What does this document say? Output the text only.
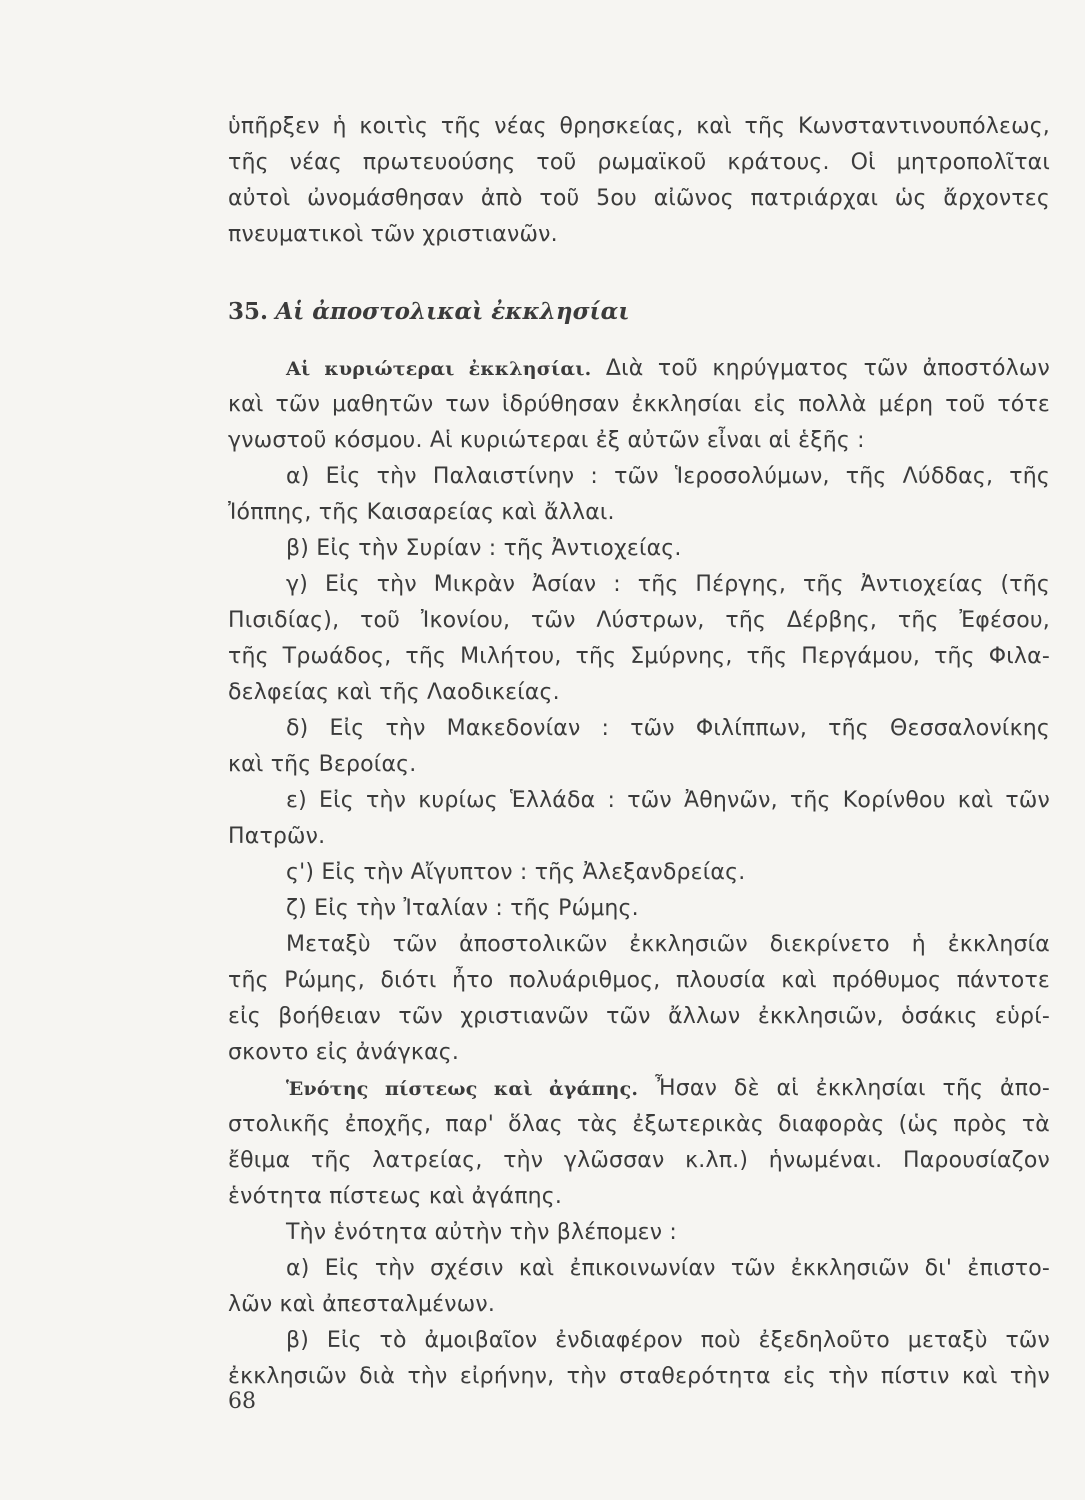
ὑπῆρξεν ἡ κοιτὶς τῆς νέας θρησκείας, καὶ τῆς Κωνσταντινουπόλεως,
τῆς νέας πρωτευούσης τοῦ ρωμαϊκοῦ κράτους. Οἱ μητροπολῖται
αὐτοὶ ὠνομάσθησαν ἀπὸ τοῦ 5ου αἰῶνος πατριάρχαι ὡς ἄρχοντες
πνευματικοὶ τῶν χριστιανῶν.
35. Αἱ ἀποστολικαὶ ἐκκλησίαι
Αἱ κυριώτεραι ἐκκλησίαι. Διὰ τοῦ κηρύγματος τῶν ἀποστόλων
καὶ τῶν μαθητῶν των ἱδρύθησαν ἐκκλησίαι εἰς πολλὰ μέρη τοῦ τότε
γνωστοῦ κόσμου. Αἱ κυριώτεραι ἐξ αὐτῶν εἶναι αἱ ἑξῆς :
α) Εἰς τὴν Παλαιστίνην : τῶν Ἱεροσολύμων, τῆς Λύδδας, τῆς
Ἰόππης, τῆς Καισαρείας καὶ ἄλλαι.
β) Εἰς τὴν Συρίαν : τῆς Ἀντιοχείας.
γ) Εἰς τὴν Μικρὰν Ἀσίαν : τῆς Πέργης, τῆς Ἀντιοχείας (τῆς
Πισιδίας), τοῦ Ἰκονίου, τῶν Λύστρων, τῆς Δέρβης, τῆς Ἐφέσου,
τῆς Τρωάδος, τῆς Μιλήτου, τῆς Σμύρνης, τῆς Περγάμου, τῆς Φιλα-
δελφείας καὶ τῆς Λαοδικείας.
δ) Εἰς τὴν Μακεδονίαν : τῶν Φιλίππων, τῆς Θεσσαλονίκης
καὶ τῆς Βεροίας.
ε) Εἰς τὴν κυρίως Ἑλλάδα : τῶν Ἀθηνῶν, τῆς Κορίνθου καὶ τῶν
Πατρῶν.
ς') Εἰς τὴν Αἴγυπτον : τῆς Ἀλεξανδρείας.
ζ) Εἰς τὴν Ἰταλίαν : τῆς Ρώμης.
Μεταξὺ τῶν ἀποστολικῶν ἐκκλησιῶν διεκρίνετο ἡ ἐκκλησία
τῆς Ρώμης, διότι ἦτο πολυάριθμος, πλουσία καὶ πρόθυμος πάντοτε
εἰς βοήθειαν τῶν χριστιανῶν τῶν ἄλλων ἐκκλησιῶν, ὁσάκις εὑρί-
σκοντο εἰς ἀνάγκας.
Ἑνότης πίστεως καὶ ἀγάπης. Ἦσαν δὲ αἱ ἐκκλησίαι τῆς ἀπο-
στολικῆς ἐποχῆς, παρ' ὅλας τὰς ἐξωτερικὰς διαφορὰς (ὡς πρὸς τὰ
ἔθιμα τῆς λατρείας, τὴν γλῶσσαν κ.λπ.) ἡνωμέναι. Παρουσίαζον
ἑνότητα πίστεως καὶ ἀγάπης.
Τὴν ἑνότητα αὐτὴν τὴν βλέπομεν :
α) Εἰς τὴν σχέσιν καὶ ἐπικοινωνίαν τῶν ἐκκλησιῶν δι' ἐπιστο-
λῶν καὶ ἀπεσταλμένων.
β) Εἰς τὸ ἀμοιβαῖον ἐνδιαφέρον ποὺ ἐξεδηλοῦτο μεταξὺ τῶν
ἐκκλησιῶν διὰ τὴν εἰρήνην, τὴν σταθερότητα εἰς τὴν πίστιν καὶ τὴν
68
